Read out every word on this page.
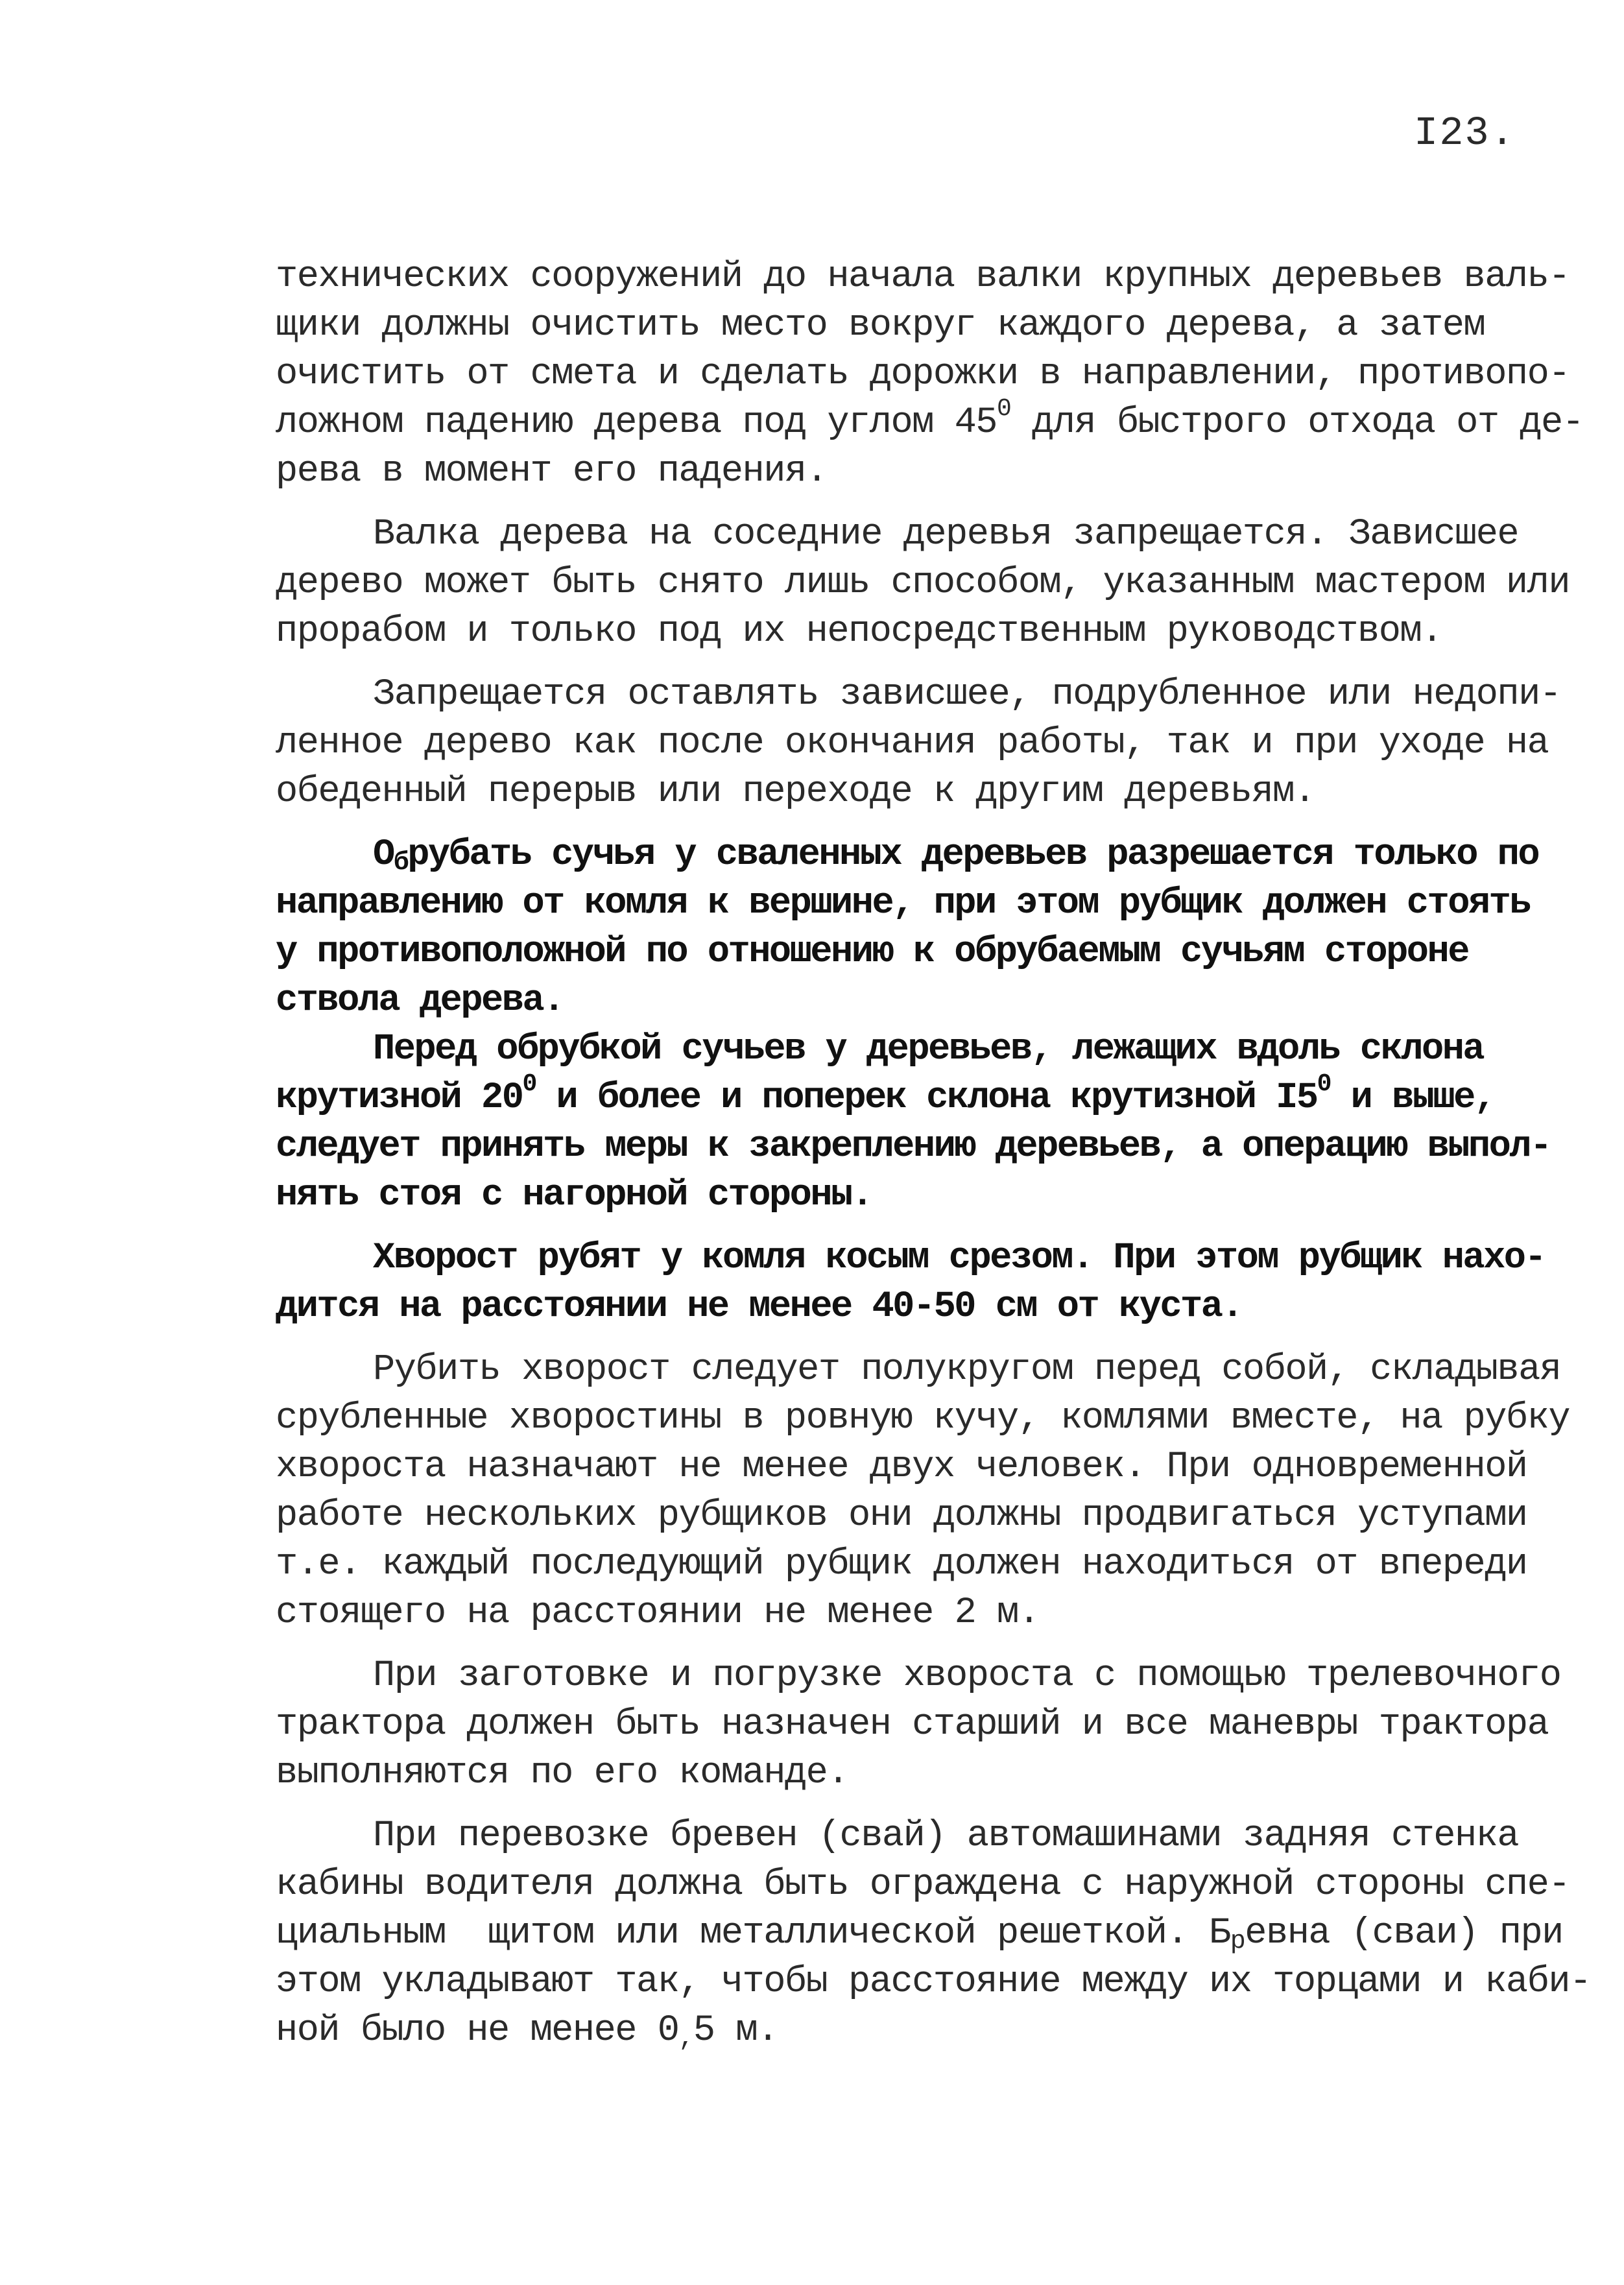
I23.
технических сооружений до начала валки крупных деревьев валь-
щики должны очистить место вокруг каждого дерева, а затем
очистить от смета и сделать дорожки в направлении, противопо-
ложном падению дерева под углом $45^0$ для быстрого отхода от де-
рева в момент его падения.
Валка дерева на соседние деревья запрещается. Зависшее
дерево может быть снято лишь способом, указанным мастером или
прорабом и только под их непосредственным руководством.
Запрещается оставлять зависшее, подрубленное или недопи-
ленное дерево как после окончания работы, так и при уходе на
обеденный перерыв или переходе к другим деревьям.
$О_брубать$ сучья у сваленных деревьев разрешается только по
направлению от комля к вершине, при этом рубщик должен стоять
у противоположной по отношению к обрубаемым сучьям стороне
ствола дерева.
Перед обрубкой сучьев у деревьев, лежащих вдоль склона
крутизной $20^0$ и более и поперек склона крутизной $I5^0$ и выше,
следует принять меры к закреплению деревьев, а операцию выпол-
нять стоя с нагорной стороны.
Хворост рубят у комля косым срезом. При этом рубщик нахо-
дится на расстоянии не менее 40-50 см от куста.
Рубить хворост следует полукругом перед собой, складывая
срубленные хворостины в ровную кучу, комлями вместе, на рубку
хвороста назначают не менее двух человек. При одновременной
работе нескольких рубщиков они должны продвигаться уступами
т.е. каждый последующий рубщик должен находиться от впереди
стоящего на расстоянии не менее 2 м.
При заготовке и погрузке хвороста с помощью трелевочного
трактора должен быть назначен старший и все маневры трактора
выполняются по его команде.
При перевозке бревен (свай) автомашинами задняя стенка
кабины водителя должна быть ограждена с наружной стороны спе-
циальным  щитом или металлической решеткой. $Б_ревна$ (сваи) при
этом укладывают так, чтобы расстояние между их торцами и каби-
ной было не менее $0_,5$ м.
